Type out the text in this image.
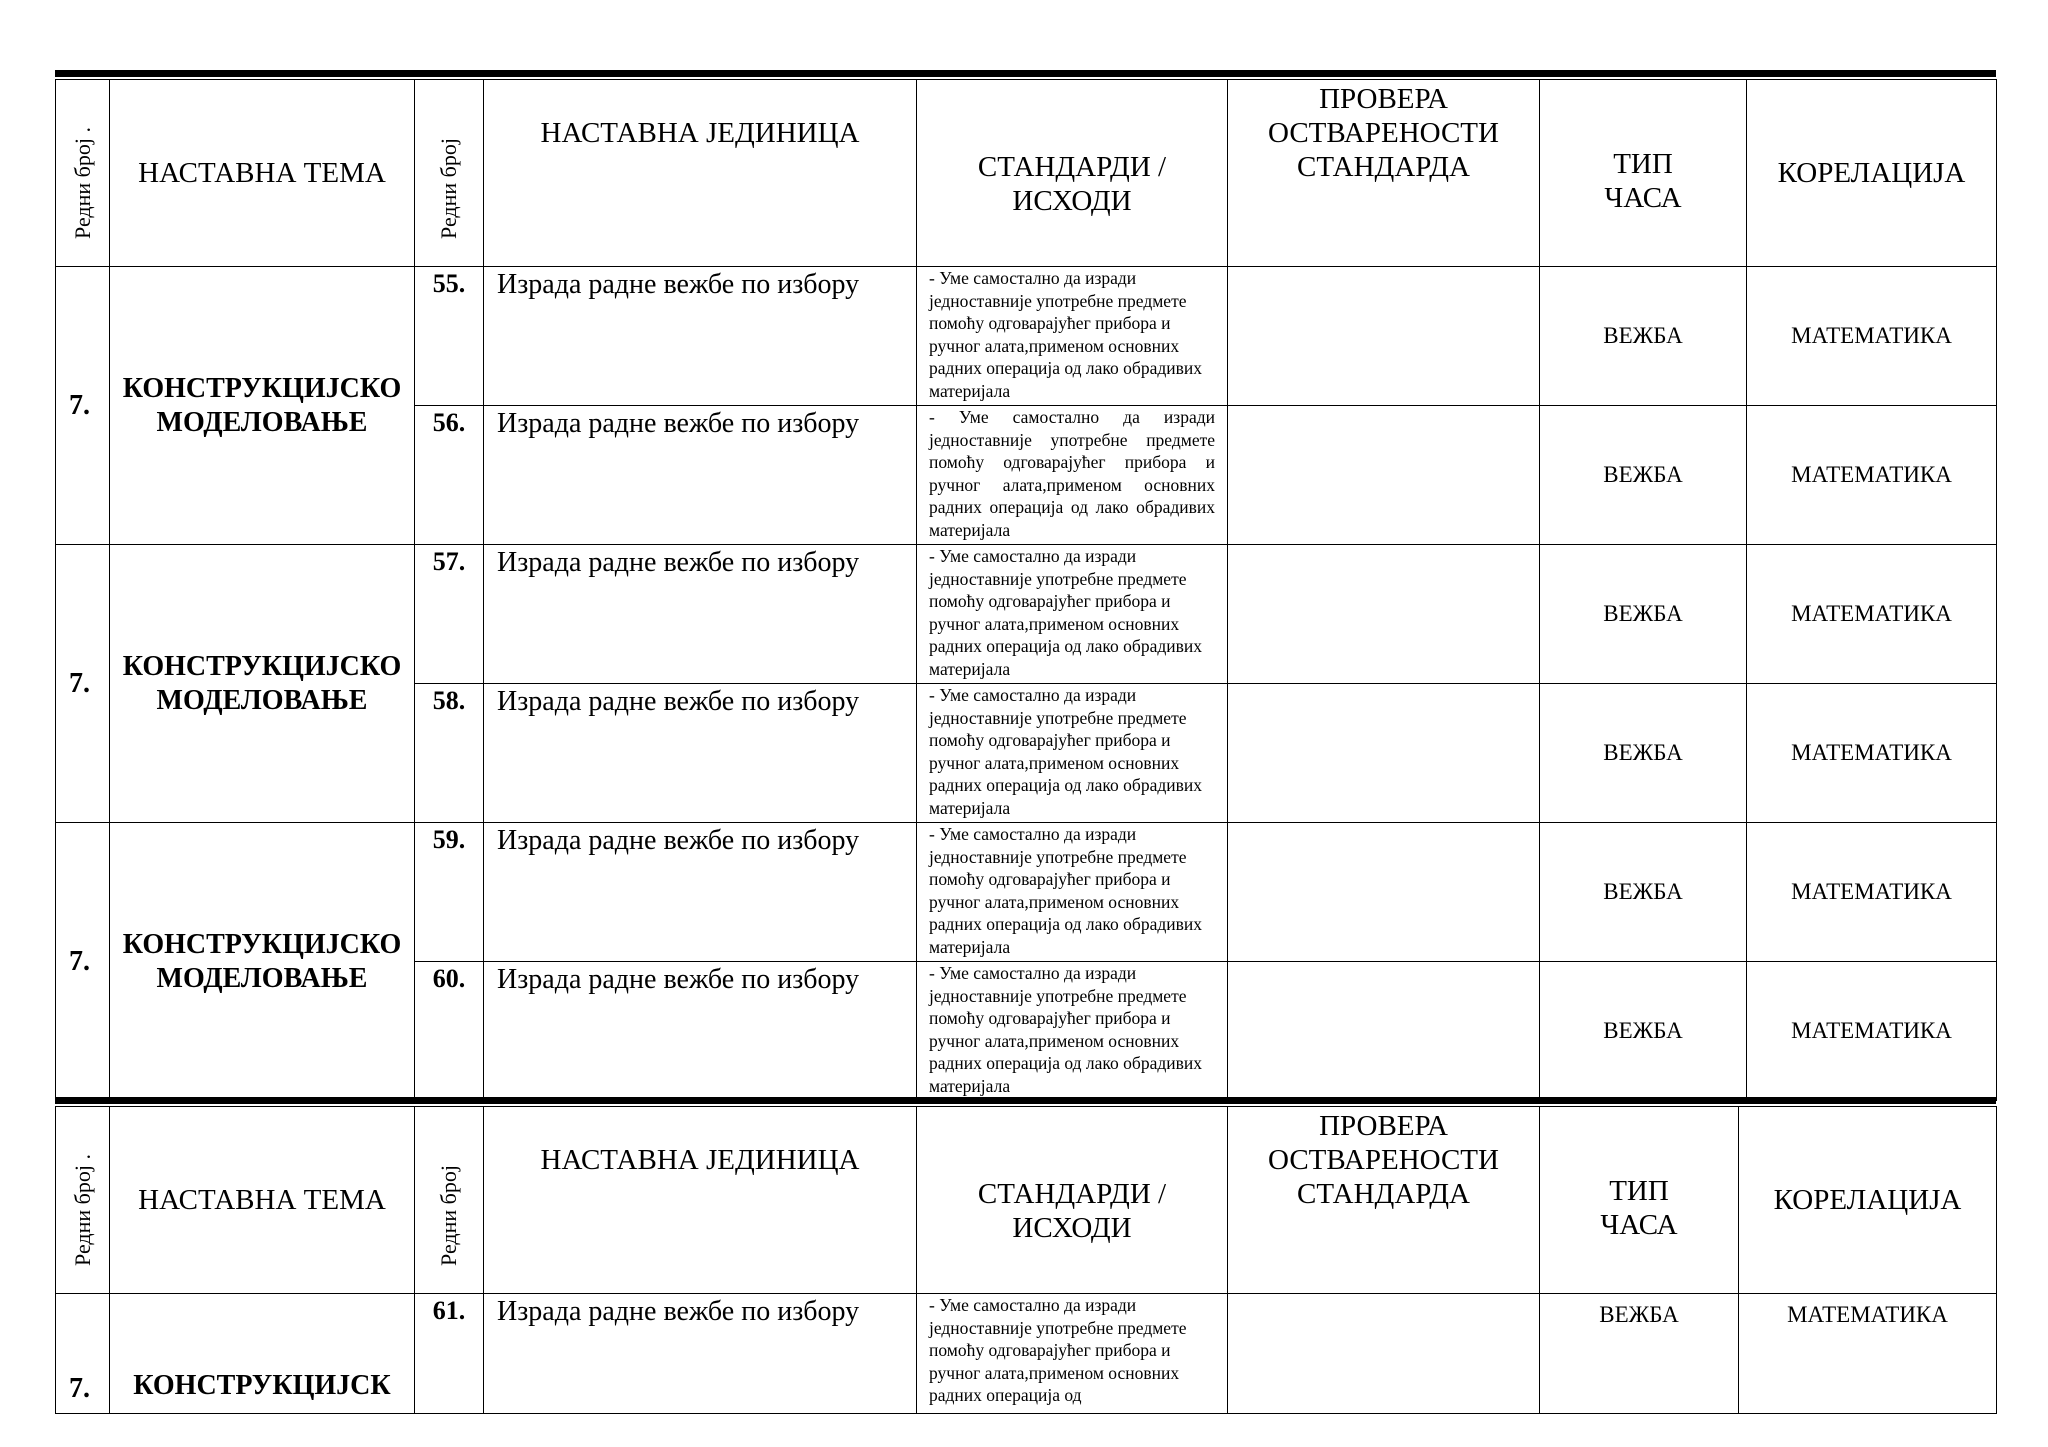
Редни број .	НАСТАВНА ТЕМА	Редни број	НАСТАВНА ЈЕДИНИЦА	СТАНДАРДИ / ИСХОДИ	ПРОВЕРА ОСТВАРЕНОСТИ СТАНДАРДА	ТИП ЧАСА	КОРЕЛАЦИЈА
7.	КОНСТРУКЦИЈСКО МОДЕЛОВАЊЕ	55.	Израда радне вежбе по избору	- Уме самостално да изради једноставније употребне предмете помоћу одговарајућег прибора и ручног алата,применом основних радних операција од лако обрадивих материјала		ВЕЖБА	МАТЕМАТИКА
		56.	Израда радне вежбе по избору	- Уме самостално да изради једноставније употребне предмете помоћу одговарајућег прибора и ручног алата,применом основних радних операција од лако обрадивих материјала		ВЕЖБА	МАТЕМАТИКА
7.	КОНСТРУКЦИЈСКО МОДЕЛОВАЊЕ	57.	Израда радне вежбе по избору	- Уме самостално да изради једноставније употребне предмете помоћу одговарајућег прибора и ручног алата,применом основних радних операција од лако обрадивих материјала		ВЕЖБА	МАТЕМАТИКА
		58.	Израда радне вежбе по избору	- Уме самостално да изради једноставније употребне предмете помоћу одговарајућег прибора и ручног алата,применом основних радних операција од лако обрадивих материјала		ВЕЖБА	МАТЕМАТИКА
7.	КОНСТРУКЦИЈСКО МОДЕЛОВАЊЕ	59.	Израда радне вежбе по избору	- Уме самостално да изради једноставније употребне предмете помоћу одговарајућег прибора и ручног алата,применом основних радних операција од лако обрадивих материјала		ВЕЖБА	МАТЕМАТИКА
		60.	Израда радне вежбе по избору	- Уме самостално да изради једноставније употребне предмете помоћу одговарајућег прибора и ручног алата,применом основних радних операција од лако обрадивих материјала		ВЕЖБА	МАТЕМАТИКА
Редни број .	НАСТАВНА ТЕМА	Редни број	НАСТАВНА ЈЕДИНИЦА	СТАНДАРДИ / ИСХОДИ	ПРОВЕРА ОСТВАРЕНОСТИ СТАНДАРДА	ТИП ЧАСА	КОРЕЛАЦИЈА
7.	КОНСТРУКЦИЈСК	61.	Израда радне вежбе по избору	- Уме самостално да изради једноставније употребне предмете помоћу одговарајућег прибора и ручног алата,применом основних радних операција од		ВЕЖБА	МАТЕМАТИКА
